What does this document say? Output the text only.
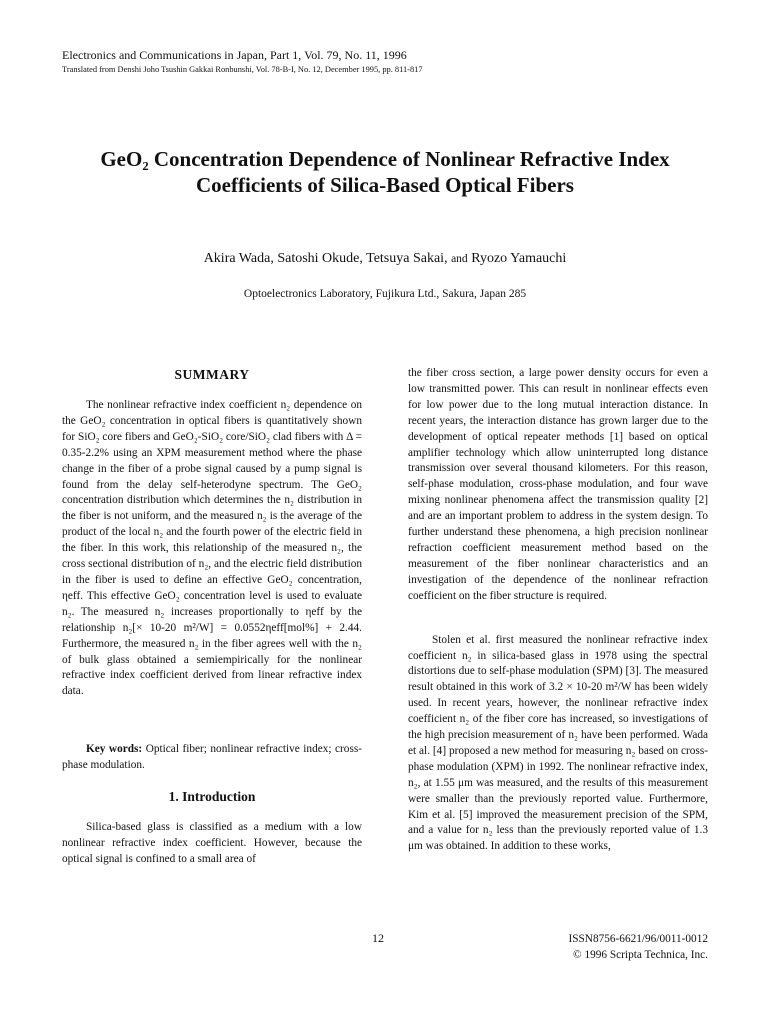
Electronics and Communications in Japan, Part 1, Vol. 79, No. 11, 1996
Translated from Denshi Joho Tsushin Gakkai Ronbunshi, Vol. 78-B-I, No. 12, December 1995, pp. 811-817
GeO₂ Concentration Dependence of Nonlinear Refractive Index
Coefficients of Silica-Based Optical Fibers
Akira Wada, Satoshi Okude, Tetsuya Sakai, and Ryozo Yamauchi
Optoelectronics Laboratory, Fujikura Ltd., Sakura, Japan 285
SUMMARY

The nonlinear refractive index coefficient n₂ dependence on the GeO₂ concentration in optical fibers is quantitatively shown for SiO₂ core fibers and GeO₂-SiO₂ core/SiO₂ clad fibers with Δ = 0.35-2.2% using an XPM measurement method where the phase change in the fiber of a probe signal caused by a pump signal is found from the delay self-heterodyne spectrum. The GeO₂ concentration distribution which determines the n₂ distribution in the fiber is not uniform, and the measured n₂ is the average of the product of the local n₂ and the fourth power of the electric field in the fiber. In this work, this relationship of the measured n₂, the cross sectional distribution of n₂, and the electric field distribution in the fiber is used to define an effective GeO₂ concentration, ηeff. This effective GeO₂ concentration level is used to evaluate n₂. The measured n₂ increases proportionally to ηeff by the relationship n₂[× 10-20 m²/W] = 0.0552ηeff[mol%] + 2.44. Furthermore, the measured n₂ in the fiber agrees well with the n₂ of bulk glass obtained a semiempirically for the nonlinear refractive index coefficient derived from linear refractive index data.

Key words: Optical fiber; nonlinear refractive index; cross-phase modulation.

1. Introduction

Silica-based glass is classified as a medium with a low nonlinear refractive index coefficient. However, because the optical signal is confined to a small area of

the fiber cross section, a large power density occurs for even a low transmitted power. This can result in nonlinear effects even for low power due to the long mutual interaction distance. In recent years, the interaction distance has grown larger due to the development of optical repeater methods [1] based on optical amplifier technology which allow uninterrupted long distance transmission over several thousand kilometers. For this reason, self-phase modulation, cross-phase modulation, and four wave mixing nonlinear phenomena affect the transmission quality [2] and are an important problem to address in the system design. To further understand these phenomena, a high precision nonlinear refraction coefficient measurement method based on the measurement of the fiber nonlinear characteristics and an investigation of the dependence of the nonlinear refraction coefficient on the fiber structure is required.

Stolen et al. first measured the nonlinear refractive index coefficient n₂ in silica-based glass in 1978 using the spectral distortions due to self-phase modulation (SPM) [3]. The measured result obtained in this work of 3.2 × 10-20 m²/W has been widely used. In recent years, however, the nonlinear refractive index coefficient n₂ of the fiber core has increased, so investigations of the high precision measurement of n₂ have been performed. Wada et al. [4] proposed a new method for measuring n₂ based on cross-phase modulation (XPM) in 1992. The nonlinear refractive index, n₂, at 1.55 μm was measured, and the results of this measurement were smaller than the previously reported value. Furthermore, Kim et al. [5] improved the measurement precision of the SPM, and a value for n₂ less than the previously reported value of 1.3 μm was obtained. In addition to these works,

12	ISSN8756-6621/96/0011-0012
© 1996 Scripta Technica, Inc.
